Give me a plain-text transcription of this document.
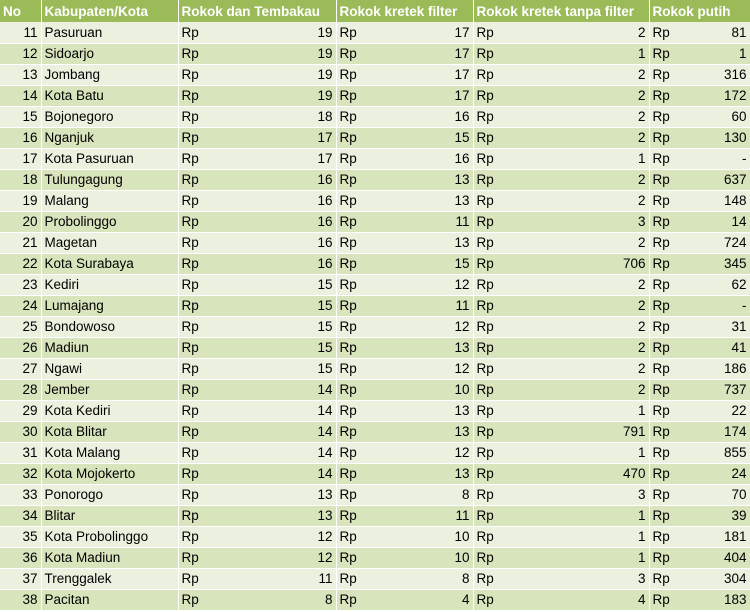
No	Kabupaten/Kota	Rokok dan Tembakau	Rokok kretek filter	Rokok kretek tanpa filter	Rokok putih
11	Pasuruan	Rp 19	Rp 17	Rp 2	Rp 81

12	Sidoarjo	Rp 19	Rp 17	Rp 1	Rp 1

13	Jombang	Rp 19	Rp 17	Rp 2	Rp 316

14	Kota Batu	Rp 19	Rp 17	Rp 2	Rp 172

15	Bojonegoro	Rp 18	Rp 16	Rp 2	Rp 60

16	Nganjuk	Rp 17	Rp 15	Rp 2	Rp 130

17	Kota Pasuruan	Rp 17	Rp 16	Rp 1	Rp -

18	Tulungagung	Rp 16	Rp 13	Rp 2	Rp 637

19	Malang	Rp 16	Rp 13	Rp 2	Rp 148

20	Probolinggo	Rp 16	Rp 11	Rp 3	Rp 14

21	Magetan	Rp 16	Rp 13	Rp 2	Rp 724

22	Kota Surabaya	Rp 16	Rp 15	Rp 706	Rp 345

23	Kediri	Rp 15	Rp 12	Rp 2	Rp 62

24	Lumajang	Rp 15	Rp 11	Rp 2	Rp -

25	Bondowoso	Rp 15	Rp 12	Rp 2	Rp 31

26	Madiun	Rp 15	Rp 13	Rp 2	Rp 41

27	Ngawi	Rp 15	Rp 12	Rp 2	Rp 186

28	Jember	Rp 14	Rp 10	Rp 2	Rp 737

29	Kota Kediri	Rp 14	Rp 13	Rp 1	Rp 22

30	Kota Blitar	Rp 14	Rp 13	Rp 791	Rp 174

31	Kota Malang	Rp 14	Rp 12	Rp 1	Rp 855

32	Kota Mojokerto	Rp 14	Rp 13	Rp 470	Rp 24

33	Ponorogo	Rp 13	Rp 8	Rp 3	Rp 70

34	Blitar	Rp 13	Rp 11	Rp 1	Rp 39

35	Kota Probolinggo	Rp 12	Rp 10	Rp 1	Rp 181

36	Kota Madiun	Rp 12	Rp 10	Rp 1	Rp 404

37	Trenggalek	Rp 11	Rp 8	Rp 3	Rp 304

38	Pacitan	Rp 8	Rp 4	Rp 4	Rp 183
